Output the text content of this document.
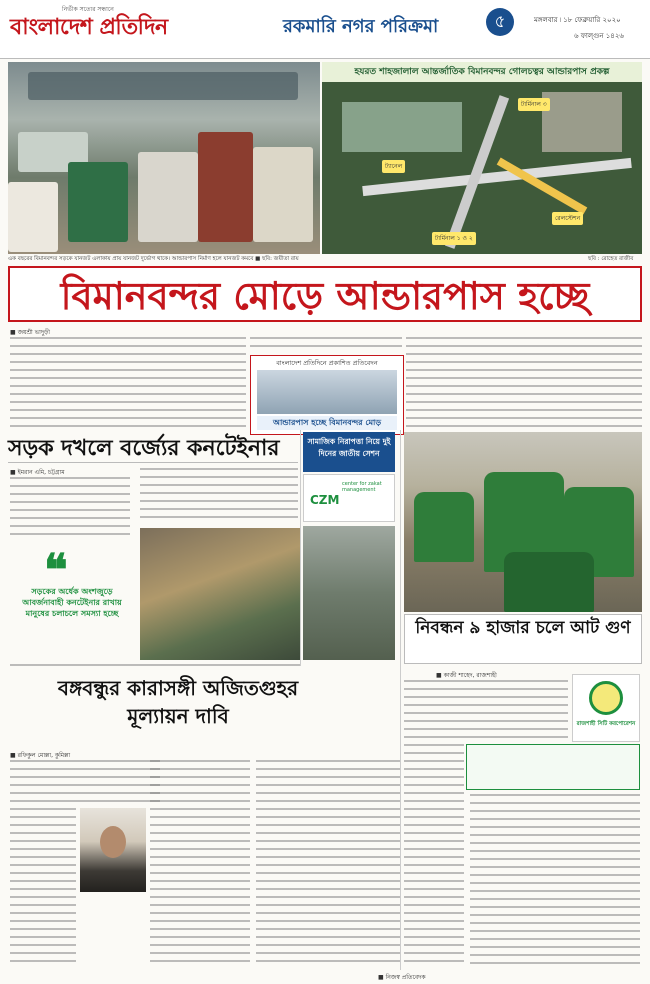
বাংলাদেশ প্রতিদিন
নির্ভীক সত্যের সন্ধানে
রকমারি নগর পরিক্রমা	৫	মঙ্গলবার ৷ ১৮ ফেব্রুয়ারি ২০২০
৬ ফাল্গুন ১৪২৬
হযরত শাহজালাল আন্তর্জাতিক বিমানবন্দর গোলচত্বর আন্ডারপাস প্রকল্প
টার্মিনাল ৩
ট্যানেল
রেলস্টেশন
টার্মিনাল ১ ও ২
এক বছরের বিমানবন্দর সড়কে যানজট এলাকায় প্রায় যানজট দুর্ভোগ থাকে। আন্ডারপাস নির্মাণ হলে যানজট কমবে ■ ছবি: জয়ীতা রায়	ছবি : রোহেত রাজীব
বিমানবন্দর মোড়ে আন্ডারপাস হচ্ছে
■ জয়শ্রী ভাদুড়ী
বাংলাদেশ প্রতিদিনে প্রকাশিত প্রতিবেদন
আন্ডারপাস হচ্ছে বিমানবন্দর মোড়
সড়ক দখলে বর্জ্যের কনটেইনার
■ ইমরান এমি, চট্টগ্রাম
❝
সড়কের অর্ধেক অংশজুড়ে আবর্জনাবাহী কনটেইনার রাখায় মানুষের চলাচলে সমস্যা হচ্ছে
সামাজিক নিরাপত্তা নিয়ে দুই দিনের জাতীয় সেশন
center for zakat management
CZM
নিবন্ধন ৯ হাজার চলে আট গুণ
■ কাজী শাহেদ, রাজশাহী
রাজশাহী সিটি করপোরেশন
বঙ্গবন্ধুর কারাসঙ্গী অজিতগুহর মূল্যায়ন দাবি
■ রফিকুল মোল্লা, কুমিল্লা
■ নিজস্ব প্রতিবেদক
